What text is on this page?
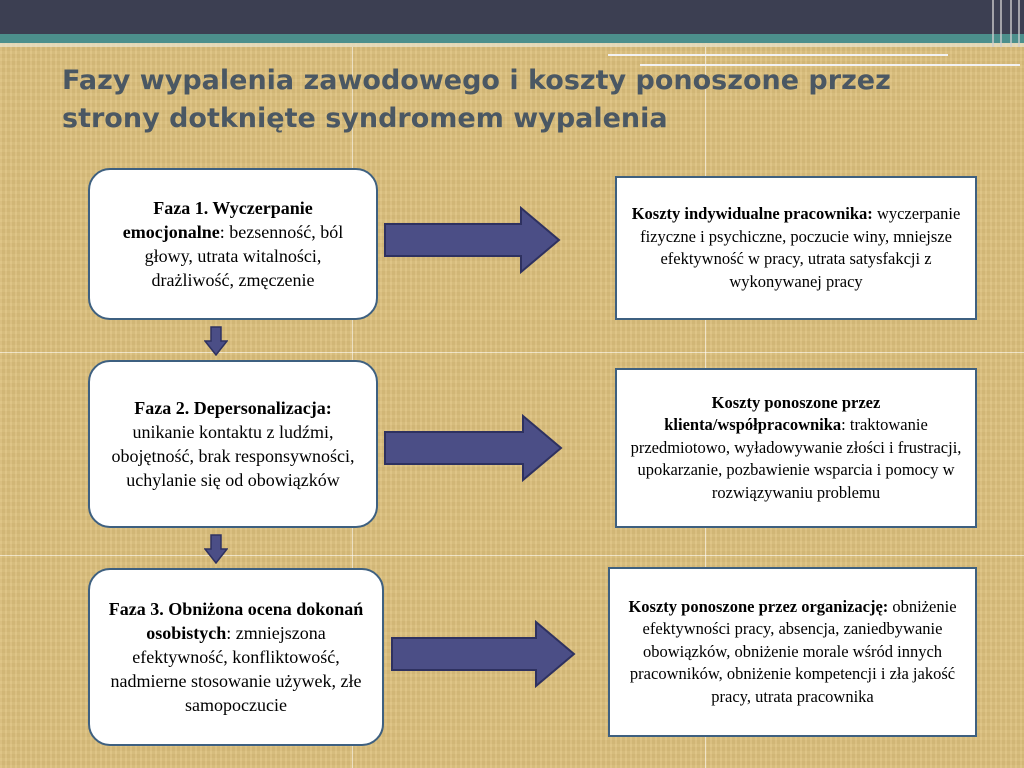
Fazy wypalenia zawodowego i koszty ponoszone przez strony dotknięte syndromem wypalenia
Faza 1. Wyczerpanie emocjonalne: bezsenność, ból głowy, utrata witalności, drażliwość, zmęczenie
Faza 2. Depersonalizacja: unikanie kontaktu z ludźmi, obojętność, brak responsywności, uchylanie się od obowiązków
Faza 3. Obniżona ocena dokonań osobistych: zmniejszona efektywność, konfliktowość, nadmierne stosowanie używek, złe samopoczucie
Koszty indywidualne pracownika: wyczerpanie fizyczne i psychiczne, poczucie winy, mniejsze efektywność w pracy, utrata satysfakcji z wykonywanej pracy
Koszty ponoszone przez klienta/współpracownika: traktowanie przedmiotowo, wyładowywanie złości i frustracji, upokarzanie, pozbawienie wsparcia i pomocy w rozwiązywaniu problemu
Koszty ponoszone przez organizację: obniżenie efektywności pracy, absencja, zaniedbywanie obowiązków, obniżenie morale wśród innych pracowników, obniżenie kompetencji i zła jakość pracy, utrata pracownika
